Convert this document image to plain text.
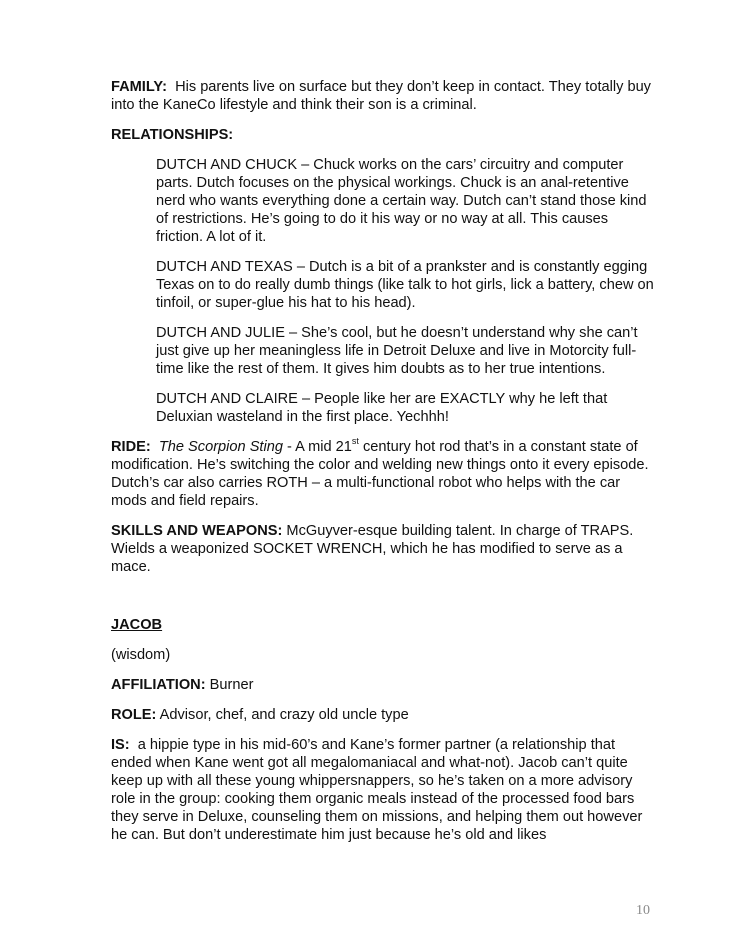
FAMILY: His parents live on surface but they don’t keep in contact. They totally buy into the KaneCo lifestyle and think their son is a criminal.

RELATIONSHIPS:

DUTCH AND CHUCK – Chuck works on the cars’ circuitry and computer parts. Dutch focuses on the physical workings. Chuck is an anal-retentive nerd who wants everything done a certain way. Dutch can’t stand those kind of restrictions. He’s going to do it his way or no way at all. This causes friction. A lot of it.

DUTCH AND TEXAS – Dutch is a bit of a prankster and is constantly egging Texas on to do really dumb things (like talk to hot girls, lick a battery, chew on tinfoil, or super-glue his hat to his head).

DUTCH AND JULIE – She’s cool, but he doesn’t understand why she can’t just give up her meaningless life in Detroit Deluxe and live in Motorcity full-time like the rest of them. It gives him doubts as to her true intentions.

DUTCH AND CLAIRE – People like her are EXACTLY why he left that Deluxian wasteland in the first place. Yechhh!

RIDE: The Scorpion Sting - A mid 21st century hot rod that’s in a constant state of modification. He’s switching the color and welding new things onto it every episode. Dutch’s car also carries ROTH – a multi-functional robot who helps with the car mods and field repairs.

SKILLS AND WEAPONS: McGuyver-esque building talent. In charge of TRAPS. Wields a weaponized SOCKET WRENCH, which he has modified to serve as a mace.

JACOB

(wisdom)

AFFILIATION: Burner

ROLE: Advisor, chef, and crazy old uncle type

IS: a hippie type in his mid-60’s and Kane’s former partner (a relationship that ended when Kane went got all megalomaniacal and what-not). Jacob can’t quite keep up with all these young whippersnappers, so he’s taken on a more advisory role in the group: cooking them organic meals instead of the processed food bars they serve in Deluxe, counseling them on missions, and helping them out however he can. But don’t underestimate him just because he’s old and likes

10
